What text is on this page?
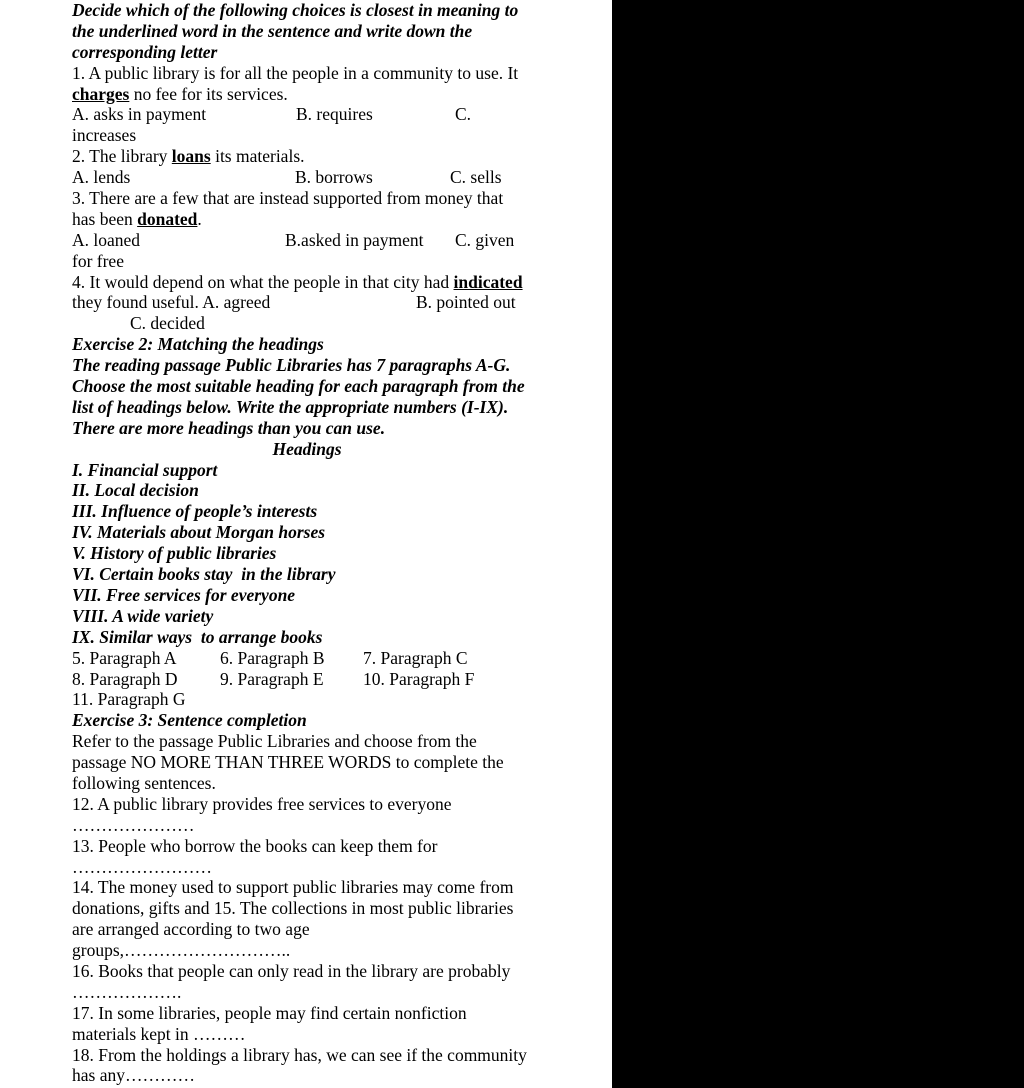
Decide which of the following choices is closest in meaning to
the underlined word in the sentence and write down the
corresponding letter
1. A public library is for all the people in a community to use. It
charges no fee for its services.
A. asks in payment	B. requires	C.
increases
2. The library loans its materials.
A. lends	B. borrows	C. sells
3. There are a few that are instead supported from money that
has been donated.
A. loaned	B.asked in payment C. given
for free
4. It would depend on what the people in that city had indicated
they found useful. A. agreed	B. pointed out
C. decided
Exercise 2: Matching the headings
The reading passage Public Libraries has 7 paragraphs A-G.
Choose the most suitable heading for each paragraph from the
list of headings below. Write the appropriate numbers (I-IX).
There are more headings than you can use.
Headings
I. Financial support
II. Local decision
III. Influence of people’s interests
IV. Materials about Morgan horses
V. History of public libraries
VI. Certain books stay  in the library
VII. Free services for everyone
VIII. A wide variety
IX. Similar ways  to arrange books
5. Paragraph A 6. Paragraph B 7. Paragraph C
8. Paragraph D 9. Paragraph E 10. Paragraph F
11. Paragraph G
Exercise 3: Sentence completion
Refer to the passage Public Libraries and choose from the
passage NO MORE THAN THREE WORDS to complete the
following sentences.
12. A public library provides free services to everyone
…………………
13. People who borrow the books can keep them for
……………………
14. The money used to support public libraries may come from
donations, gifts and 15. The collections in most public libraries
are arranged according to two age
groups,………………………..
16. Books that people can only read in the library are probably
……………….
17. In some libraries, people may find certain nonfiction
materials kept in ………
18. From the holdings a library has, we can see if the community
has any…………
